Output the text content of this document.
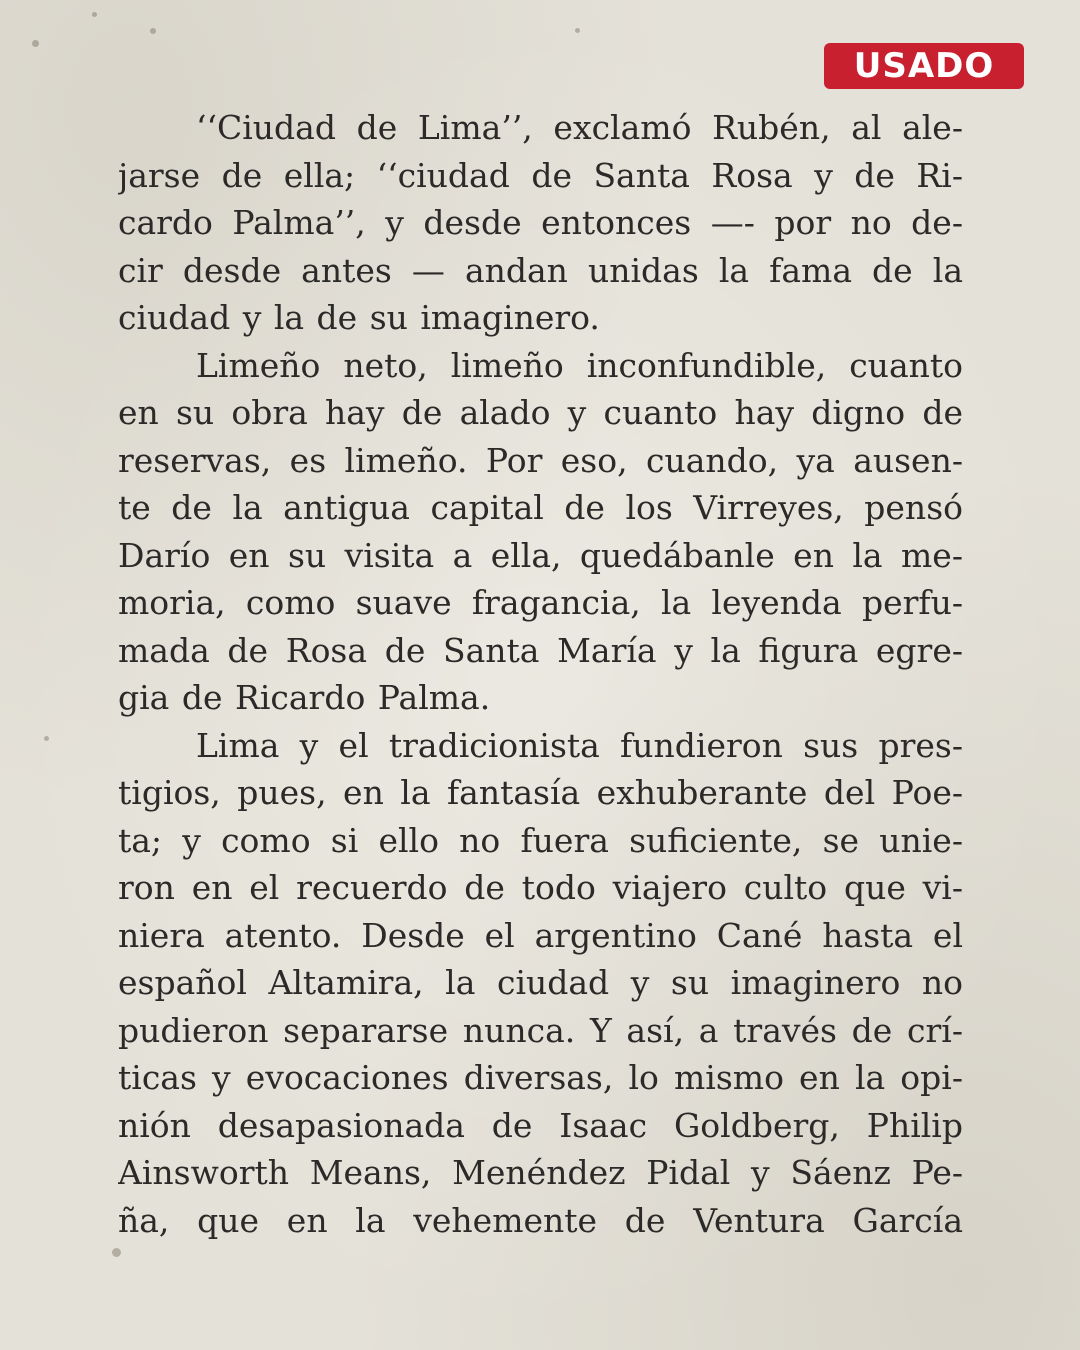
USADO
‘‘Ciudad de Lima’’, exclamó Rubén, al ale-
jarse de ella; ‘‘ciudad de Santa Rosa y de Ri-
cardo Palma’’, y desde entonces —- por no de-
cir desde antes — andan unidas la fama de la
ciudad y la de su imaginero.
Limeño neto, limeño inconfundible, cuanto
en su obra hay de alado y cuanto hay digno de
reservas, es limeño. Por eso, cuando, ya ausen-
te de la antigua capital de los Virreyes, pensó
Darío en su visita a ella, quedábanle en la me-
moria, como suave fragancia, la leyenda perfu-
mada de Rosa de Santa María y la figura egre-
gia de Ricardo Palma.
Lima y el tradicionista fundieron sus pres-
tigios, pues, en la fantasía exhuberante del Poe-
ta; y como si ello no fuera suficiente, se unie-
ron en el recuerdo de todo viajero culto que vi-
niera atento. Desde el argentino Cané hasta el
español Altamira, la ciudad y su imaginero no
pudieron separarse nunca. Y así, a través de crí-
ticas y evocaciones diversas, lo mismo en la opi-
nión desapasionada de Isaac Goldberg, Philip
Ainsworth Means, Menéndez Pidal y Sáenz Pe-
ña, que en la vehemente de Ventura García
